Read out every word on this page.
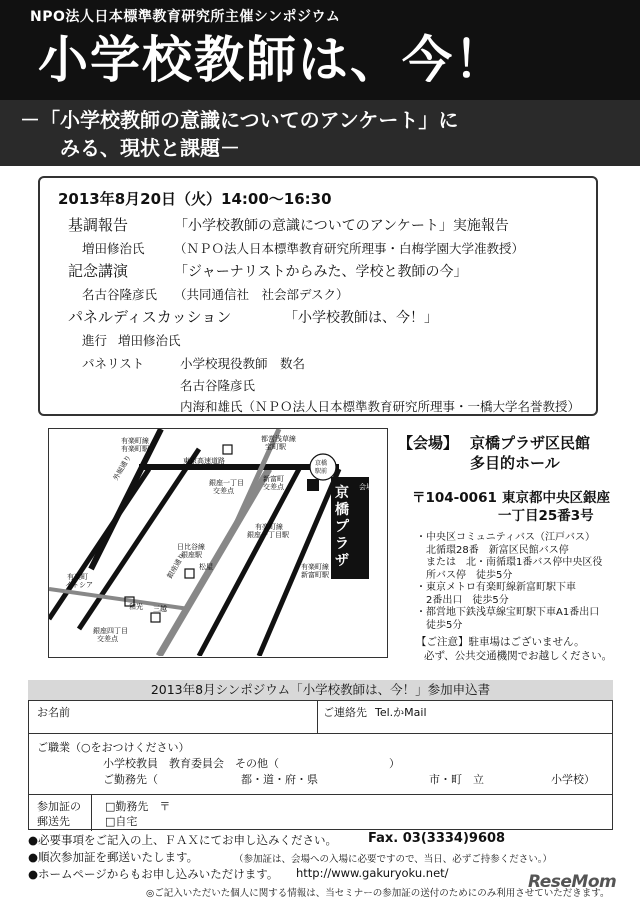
NPO法人日本標準教育研究所主催シンポジウム
小学校教師は、今！
－「小学校教師の意識についてのアンケート」に
みる、現状と課題－
2013年8月20日（火）14:00～16:30
基調報告	「小学校教師の意識についてのアンケート」実施報告
増田修治氏 （ＮＰＯ法人日本標準教育研究所理事・白梅学園大学准教授）
記念講演	「ジャーナリストからみた、学校と教師の今」
名古谷隆彦氏 （共同通信社　社会部デスク）
パネルディスカッション	「小学校教師は、今！」
進行 増田修治氏
パネリスト	小学校現役教師　数名
名古谷隆彦氏
内海和雄氏（ＮＰＯ法人日本標準教育研究所理事・一橋大学名誉教授）
有楽町線
有楽町駅
東京高速道路
都営浅草線
宝町駅
銀座一丁目
交差点
新富町
交差点
外堀通り
銀座通り 松屋
和光 三越
銀座四丁目
交差点
有楽町
イトシア
有楽町線
銀座一丁目駅
日比谷線
銀座駅
有楽町線
新富町駅
京橋
駅前
会場
京橋プラザ
【会場】 京橋プラザ区民館
多目的ホール
〒104-0061 東京都中央区銀座
一丁目25番3号
・中央区コミュニティバス（江戸バス）
　北循環28番　新富区民館バス停
　または　北・南循環1番バス停中央区役
　所バス停　徒歩5分
・東京メトロ有楽町線新富町駅下車
　2番出口　徒歩5分
・都営地下鉄浅草線宝町駅下車A1番出口
　徒歩5分
【ご注意】駐車場はございません。
必ず、公共交通機関でお越しください。
2013年8月シンポジウム「小学校教師は、今！」参加申込書
お名前	ご連絡先 Tel.かMail
ご職業（○をおつけください）
小学校教員　教育委員会　その他（　　　　　　　　　　）
ご勤務先（	都・道・府・県	市・町　立	小学校）
参加証の
郵送先
□勤務先　〒
□自宅
●必要事項をご記入の上、ＦＡＸにてお申し込みください。 Fax. 03(3334)9608
●順次参加証を郵送いたします。	（参加証は、会場への入場に必要ですので、当日、必ずご持参ください。）
●ホームページからもお申し込みいただけます。 http://www.gakuryoku.net/
◎ご記入いただいた個人に関する情報は、当セミナーの参加証の送付のためにのみ利用させていただきます。
ReseMom
